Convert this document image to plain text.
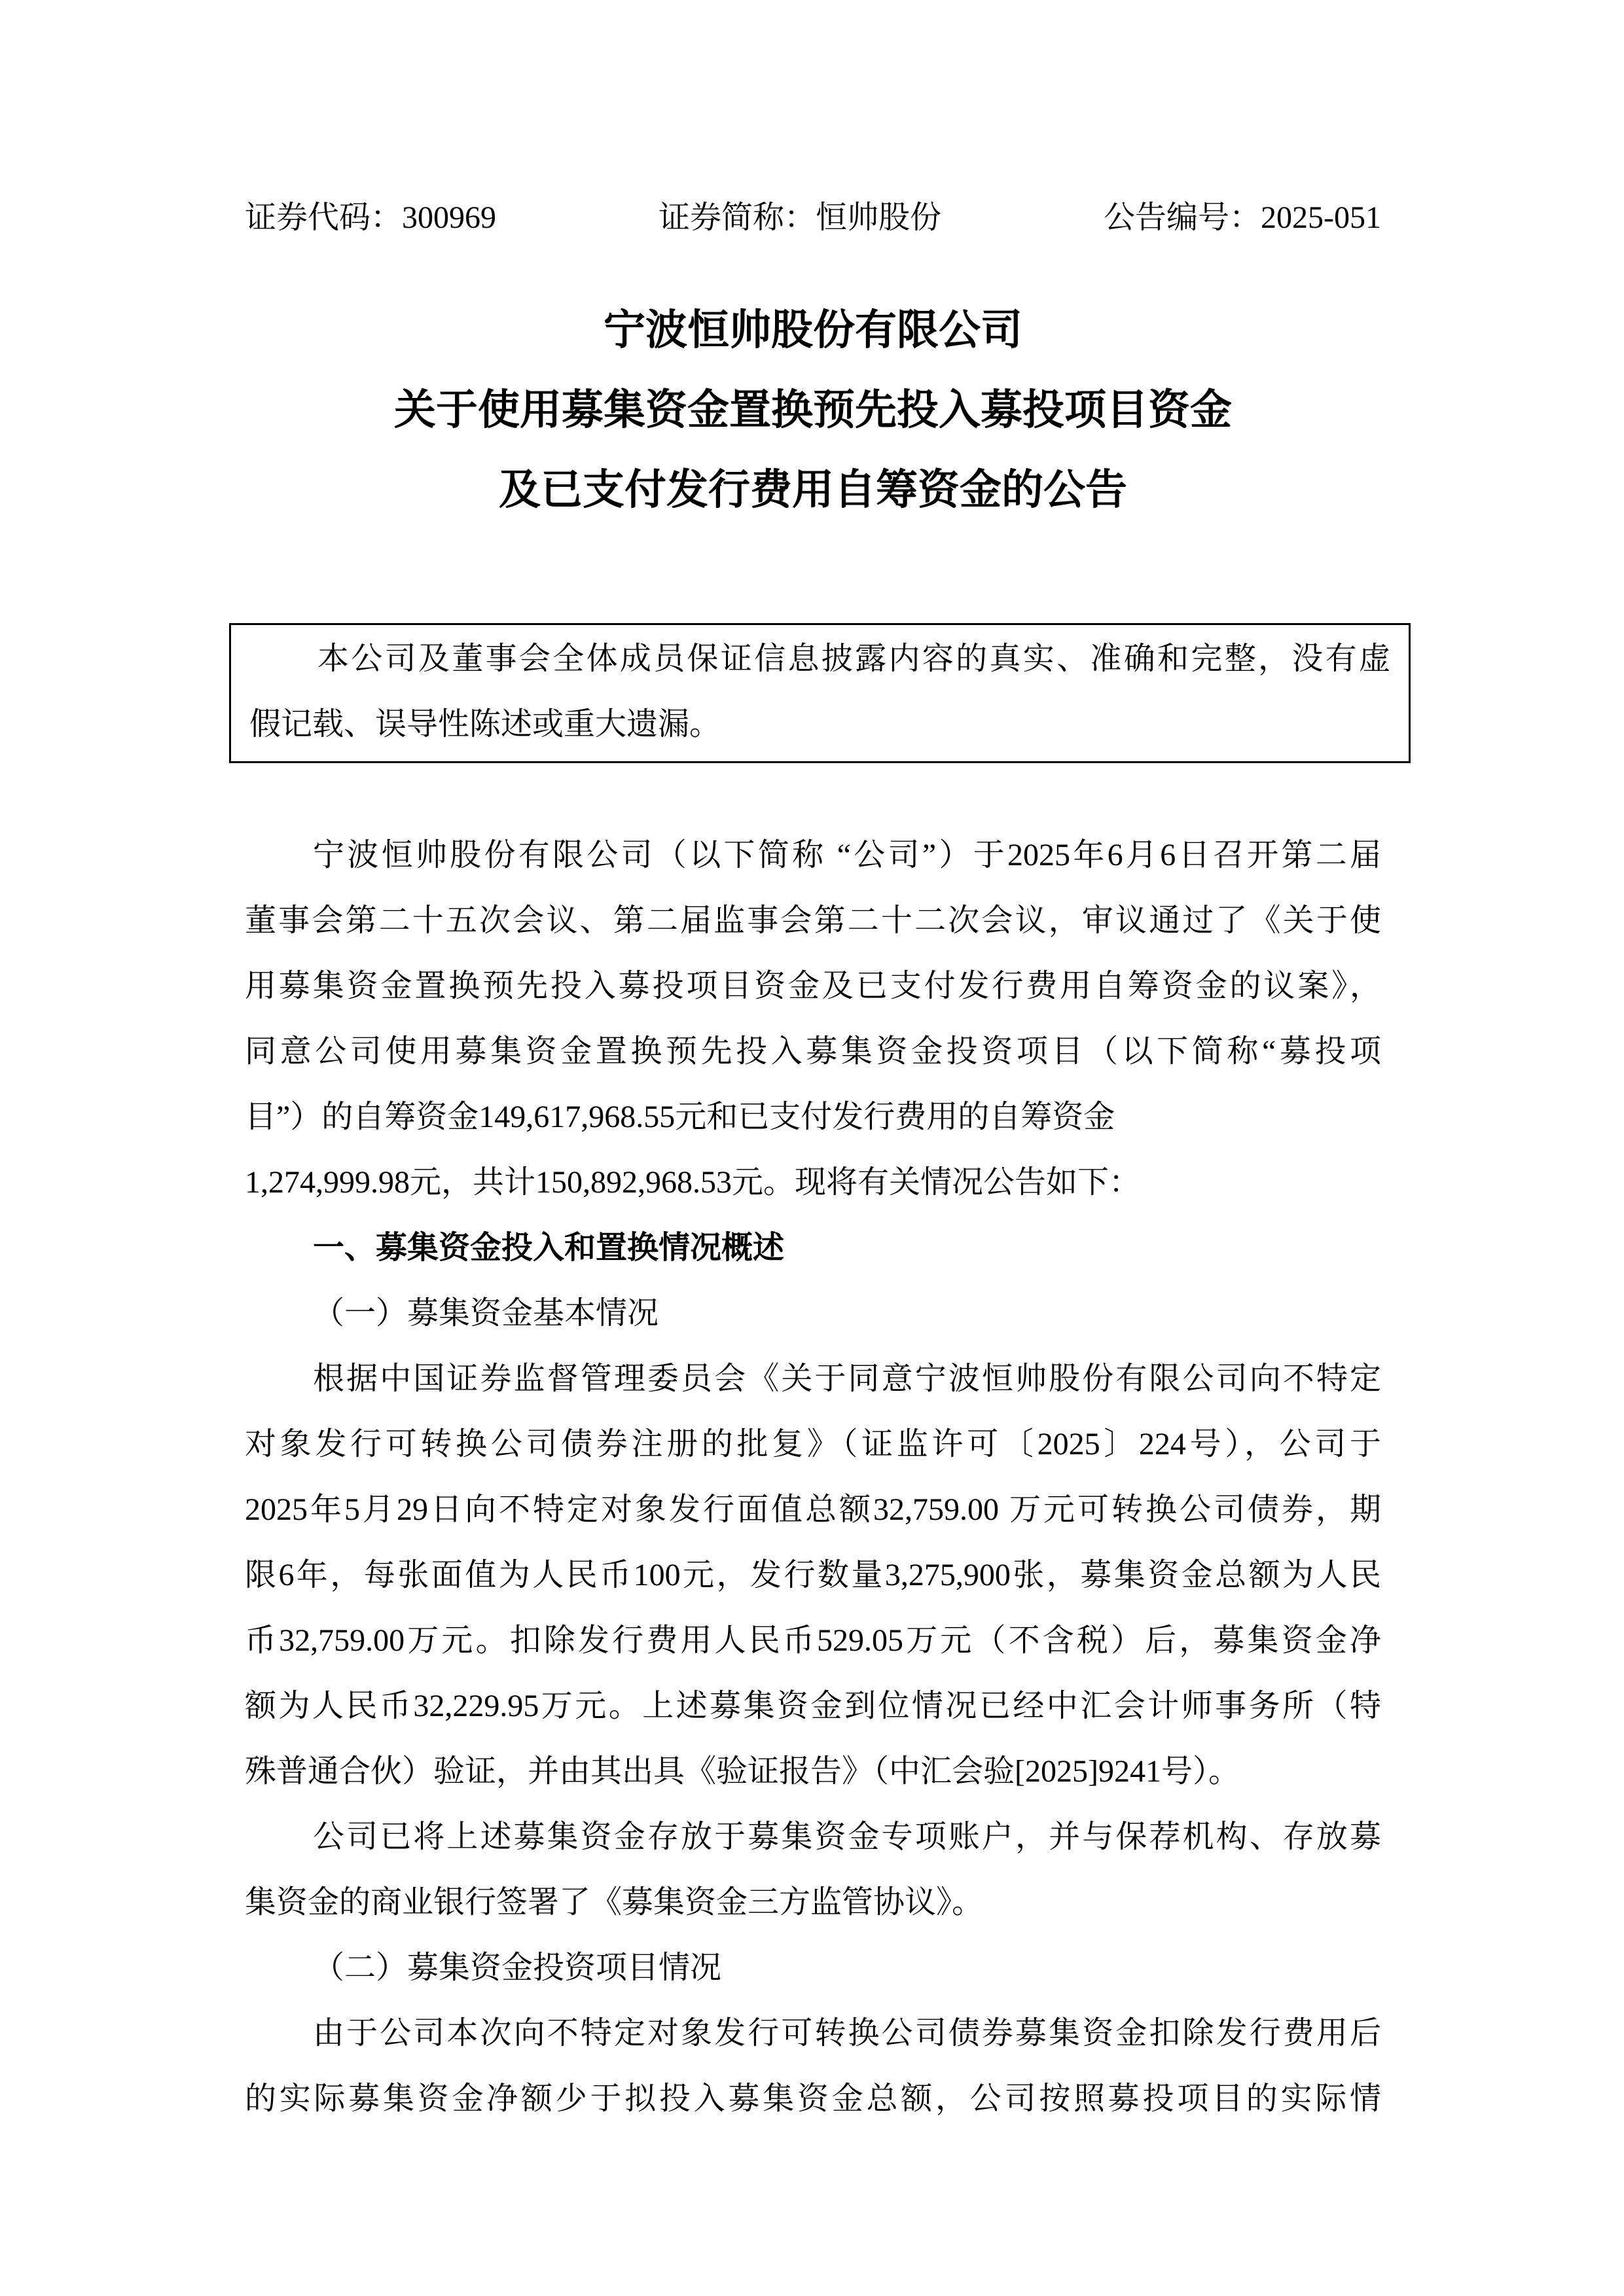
证券代码：300969	证券简称：恒帅股份	公告编号：2025-051
宁波恒帅股份有限公司
关于使用募集资金置换预先投入募投项目资金
及已支付发行费用自筹资金的公告
本公司及董事会全体成员保证信息披露内容的真实、准确和完整，没有虚
假记载、误导性陈述或重大遗漏。
宁波恒帅股份有限公司（以下简称 “公司”）于2025年6月6日召开第二届
董事会第二十五次会议、第二届监事会第二十二次会议，审议通过了《关于使
用募集资金置换预先投入募投项目资金及已支付发行费用自筹资金的议案》，
同意公司使用募集资金置换预先投入募集资金投资项目（以下简称“募投项
目”）的自筹资金149,617,968.55元和已支付发行费用的自筹资金
1,274,999.98元，共计150,892,968.53元。现将有关情况公告如下：
一、募集资金投入和置换情况概述
（一）募集资金基本情况
根据中国证券监督管理委员会《关于同意宁波恒帅股份有限公司向不特定
对象发行可转换公司债券注册的批复》（证监许可〔2025〕224号），公司于
2025年5月29日向不特定对象发行面值总额32,759.00 万元可转换公司债券，期
限6年，每张面值为人民币100元，发行数量3,275,900张，募集资金总额为人民
币32,759.00万元。扣除发行费用人民币529.05万元（不含税）后，募集资金净
额为人民币32,229.95万元。上述募集资金到位情况已经中汇会计师事务所（特
殊普通合伙）验证，并由其出具《验证报告》（中汇会验[2025]9241号）。
公司已将上述募集资金存放于募集资金专项账户，并与保荐机构、存放募
集资金的商业银行签署了《募集资金三方监管协议》。
（二）募集资金投资项目情况
由于公司本次向不特定对象发行可转换公司债券募集资金扣除发行费用后
的实际募集资金净额少于拟投入募集资金总额，公司按照募投项目的实际情
